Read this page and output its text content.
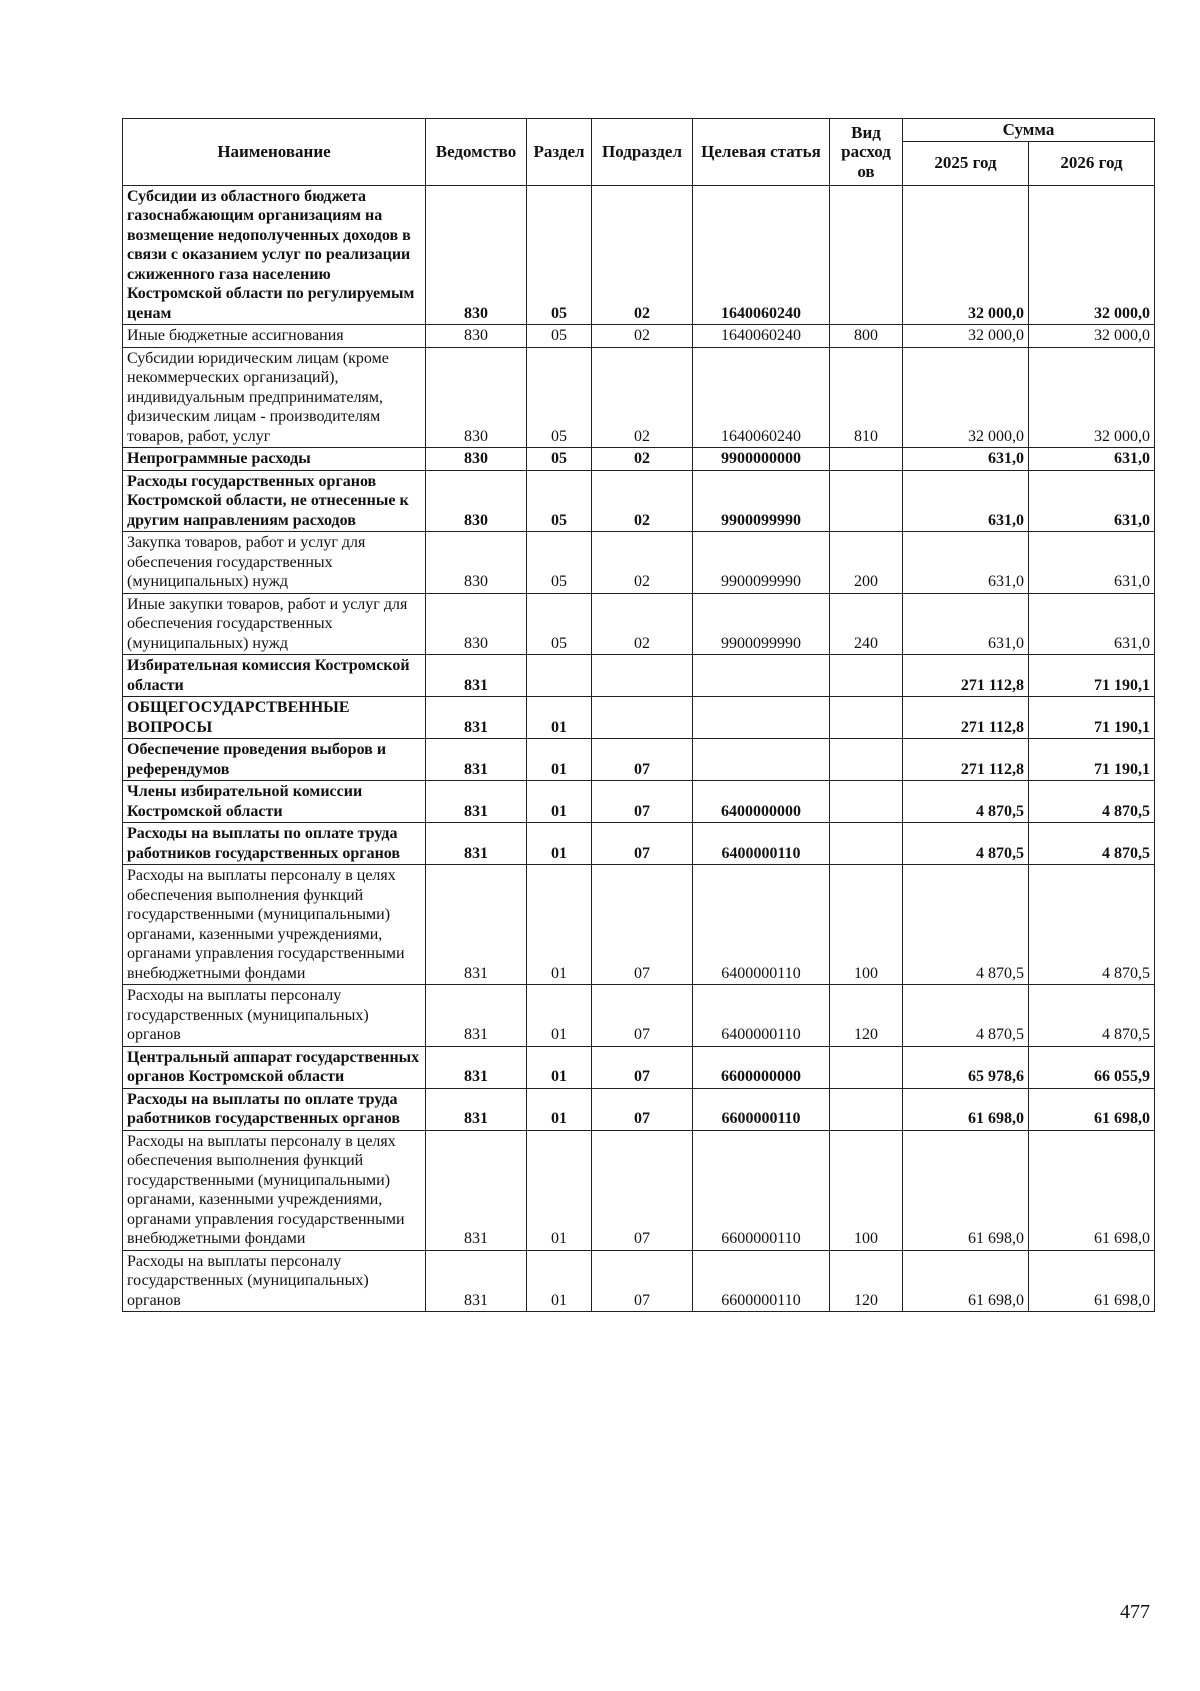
Наименование	Ведомство	Раздел	Подраздел	Целевая статья	Вид
расход
ов	Сумма	
						2025 год	2026 год
Субсидии из областного бюджета газоснабжающим организациям на возмещение недополученных доходов в связи с оказанием услуг по реализации сжиженного газа населению Костромской области по регулируемым ценам	830	05	02	1640060240		32 000,0	32 000,0
Иные бюджетные ассигнования	830	05	02	1640060240	800	32 000,0	32 000,0
Субсидии юридическим лицам (кроме некоммерческих организаций), индивидуальным предпринимателям, физическим лицам - производителям товаров, работ, услуг	830	05	02	1640060240	810	32 000,0	32 000,0
Непрограммные расходы	830	05	02	9900000000		631,0	631,0
Расходы государственных органов Костромской области, не отнесенные к другим направлениям расходов	830	05	02	9900099990		631,0	631,0
Закупка товаров, работ и услуг для обеспечения государственных (муниципальных) нужд	830	05	02	9900099990	200	631,0	631,0
Иные закупки товаров, работ и услуг для обеспечения государственных (муниципальных) нужд	830	05	02	9900099990	240	631,0	631,0
Избирательная комиссия Костромской области	831					271 112,8	71 190,1
ОБЩЕГОСУДАРСТВЕННЫЕ ВОПРОСЫ	831	01				271 112,8	71 190,1
Обеспечение проведения выборов и референдумов	831	01	07			271 112,8	71 190,1
Члены избирательной комиссии Костромской области	831	01	07	6400000000		4 870,5	4 870,5
Расходы на выплаты по оплате труда работников государственных органов	831	01	07	6400000110		4 870,5	4 870,5
Расходы на выплаты персоналу в целях обеспечения выполнения функций государственными (муниципальными) органами, казенными учреждениями, органами управления государственными внебюджетными фондами	831	01	07	6400000110	100	4 870,5	4 870,5
Расходы на выплаты персоналу государственных (муниципальных) органов	831	01	07	6400000110	120	4 870,5	4 870,5
Центральный аппарат государственных органов Костромской области	831	01	07	6600000000		65 978,6	66 055,9
Расходы на выплаты по оплате труда работников государственных органов	831	01	07	6600000110		61 698,0	61 698,0
Расходы на выплаты персоналу в целях обеспечения выполнения функций государственными (муниципальными) органами, казенными учреждениями, органами управления государственными внебюджетными фондами	831	01	07	6600000110	100	61 698,0	61 698,0
Расходы на выплаты персоналу государственных (муниципальных) органов	831	01	07	6600000110	120	61 698,0	61 698,0
477
